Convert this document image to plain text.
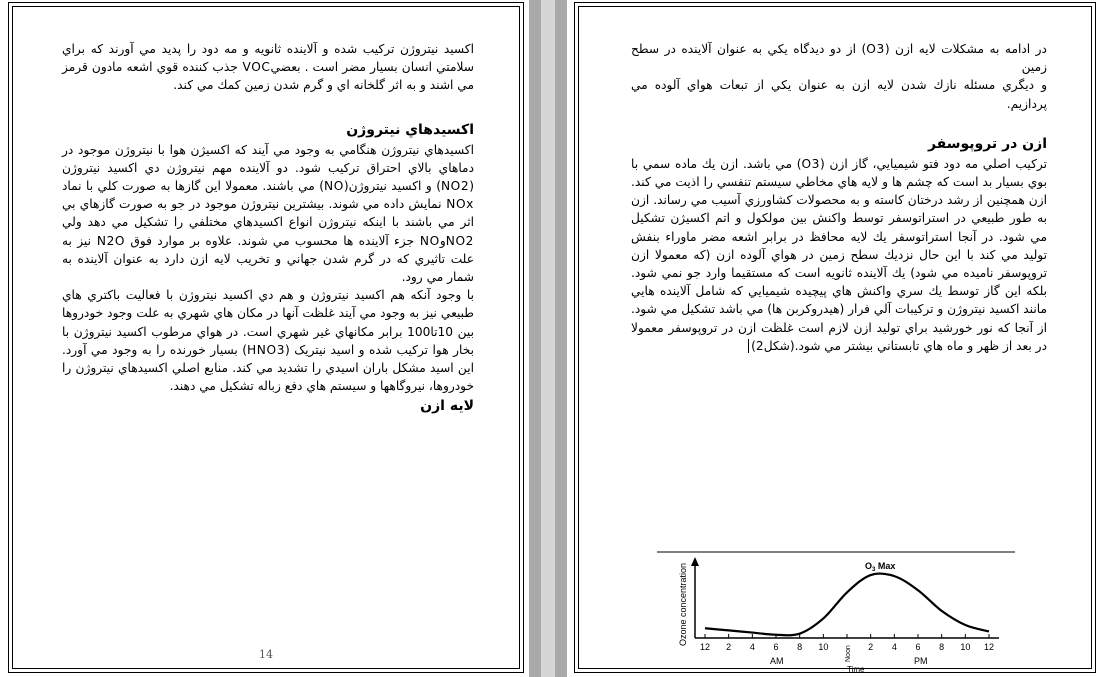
اکسید نیتروژن ترکیب شده و آلاینده ثانویه و مه دود را پدید مي آورند که براي سلامتي انسان بسيار مضر است . بعضيVOC جذب کننده قوي اشعه مادون قرمز مي اشند و به اثر گلخانه اي و گرم شدن زمين کمك مي کند.

اکسیدهاي نیتروژن

اکسیدهاي نیتروژن هنگامي به وجود مي آيند که اکسيژن هوا با نيتروژن موجود در دماهاي بالاي احتراق ترکيب شود. دو آلاينده مهم نيتروژن دي اکسيد نيتروژن (NO2) و اکسيد نيتروژن(NO) مي باشند. معمولا اين گازها به صورت کلي با نماد NOx نمايش داده مي شوند. بيشترين نيتروژن موجود در جو به صورت گازهاي بي اثر مي باشند با اينکه نيتروژن انواع اکسيدهاي مختلفي را تشکيل مي دهد ولي NO2وNO جزء آلاينده ها محسوب مي شوند. علاوه بر موارد فوق N2O نيز به علت تاثيري که در گرم شدن جهاني و تخريب لايه ازن دارد به عنوان آلاينده به شمار مي رود.

با وجود آنکه هم اکسيد نيتروژن و هم دي اکسيد نيتروژن با فعاليت باکتري هاي طبيعي نيز به وجود مي آيند غلظت آنها در مکان هاي شهري به علت وجود خودروها بين 10تا100 برابر مکانهاي غير شهري است. در هواي مرطوب اکسيد نيتروژن با بخار هوا ترکيب شده و اسيد نيتريک (HNO3) بسيار خورنده را به وجود مي آورد. اين اسيد مشکل باران اسيدي را تشديد مي کند. منابع اصلي اکسيدهاي نيتروژن را خودروها، نيروگاهها و سيستم هاي دفع زباله تشکيل مي دهند.

لايه ازن
14

در ادامه به مشکلات لايه ازن (O3) از دو ديدگاه يکي به عنوان آلاينده در سطح زمين

و ديگري مسئله نازك شدن لايه ازن به عنوان يکي از تبعات هواي آلوده مي پردازيم.

ازن در تروپوسفر

ترکيب اصلي مه دود فتو شيميايي، گاز ازن (O3) مي باشد. ازن يك ماده سمي با بوي بسيار بد است که چشم ها و لايه هاي مخاطي سيستم تنفسي را اذيت مي کند. ازن همچنين از رشد درختان کاسته و به محصولات کشاورزي آسيب مي رساند. ازن به طور طبيعي در استراتوسفر توسط واکنش بين مولکول و اتم اکسيژن تشکيل مي شود. در آنجا استراتوسفر يك لايه محافظ در برابر اشعه مضر ماوراء بنفش توليد مي کند با اين حال نزديك سطح زمين در هواي آلوده ازن (که معمولا ازن تروپوسفر ناميده مي شود) يك آلاينده ثانويه است که مستقيما وارد جو نمي شود. بلکه اين گاز توسط يك سري واکنش هاي پيچيده شيميايي که شامل آلاينده هايي مانند اکسيد نيتروژن و ترکيبات آلي فرار (هيدروکربن ها) مي باشد تشکيل مي شود. از آنجا که نور خورشيد براي توليد ازن لازم است غلظت ازن در تروپوسفر معمولا در بعد از ظهر و ماه هاي تابستاني بيشتر مي شود.(شکل2)

Ozone concentration
12 2 4 6 8 10 Noon 2 4 6 8 10 12
AM	PM
Time
$O_3$ Max
